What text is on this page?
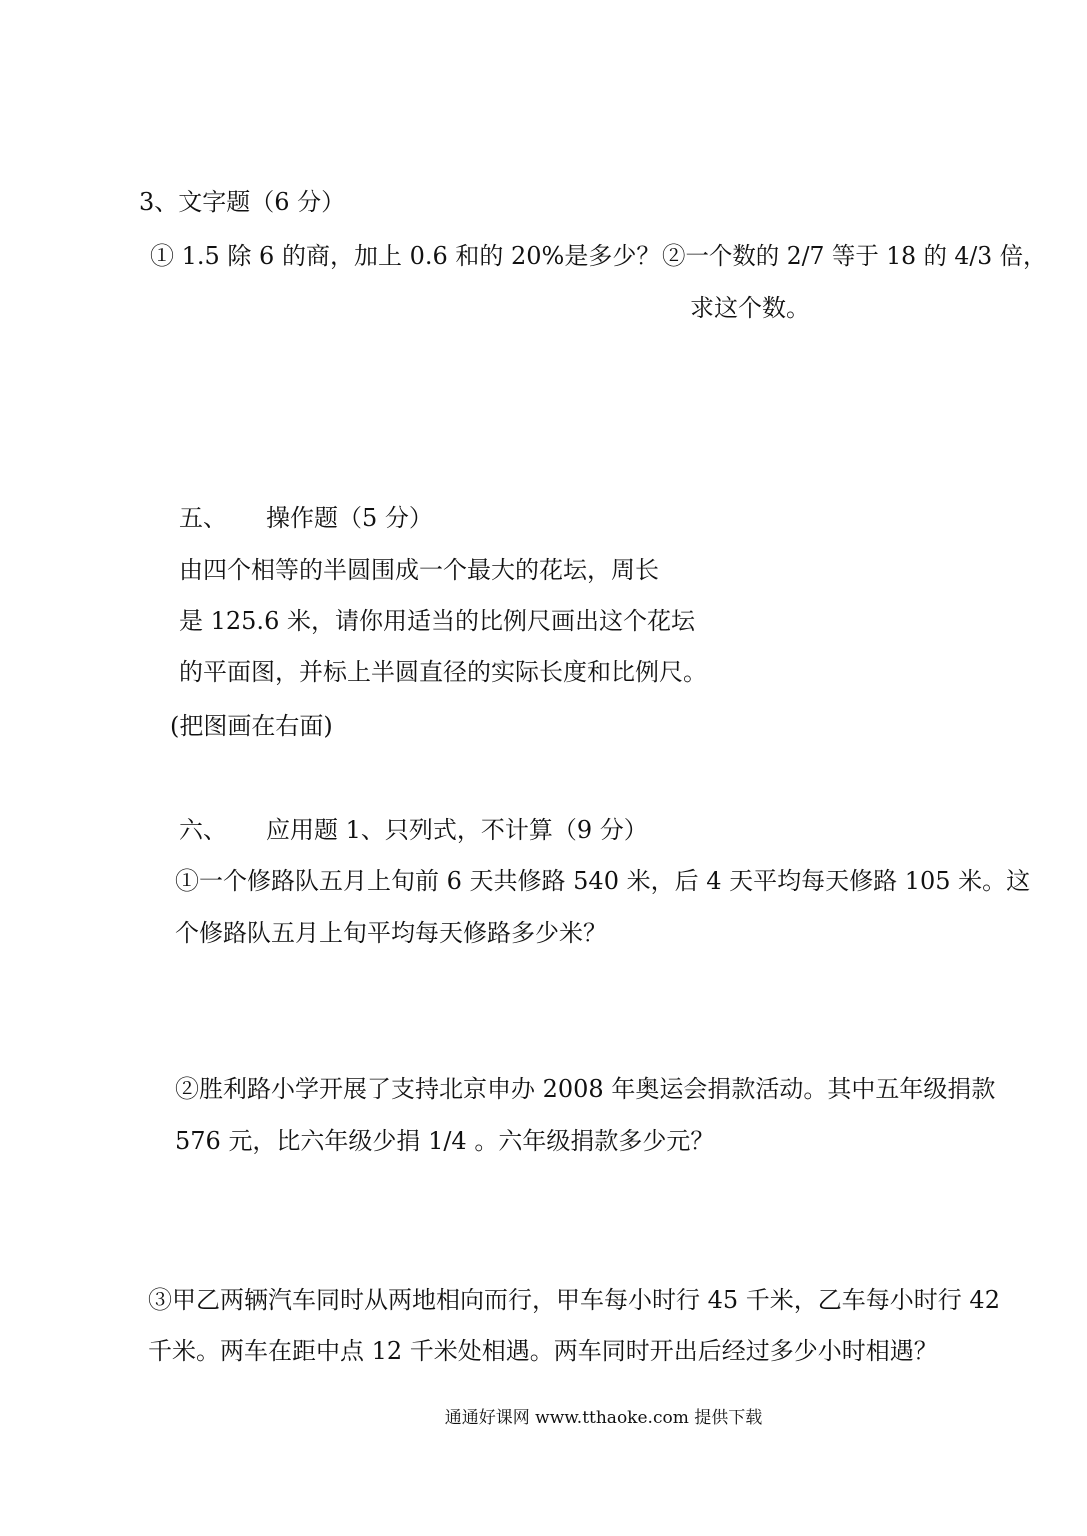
3、文字题（6 分）
① 1.5 除 6 的商，加上 0.6 和的 20%是多少？ ②一个数的 2/7 等于 18 的 4/3 倍，
求这个数。
五、 操作题（5 分）
由四个相等的半圆围成一个最大的花坛，周长
是 125.6 米，请你用适当的比例尺画出这个花坛
的平面图，并标上半圆直径的实际长度和比例尺。
(把图画在右面)
六、 应用题 1、只列式，不计算（9 分）
①一个修路队五月上旬前 6 天共修路 540 米，后 4 天平均每天修路 105 米。这
个修路队五月上旬平均每天修路多少米？
②胜利路小学开展了支持北京申办 2008 年奥运会捐款活动。其中五年级捐款
576 元，比六年级少捐 1/4 。六年级捐款多少元？
③甲乙两辆汽车同时从两地相向而行，甲车每小时行 45 千米，乙车每小时行 42
千米。两车在距中点 12 千米处相遇。两车同时开出后经过多少小时相遇？
通通好课网 www.tthaoke.com 提供下载
